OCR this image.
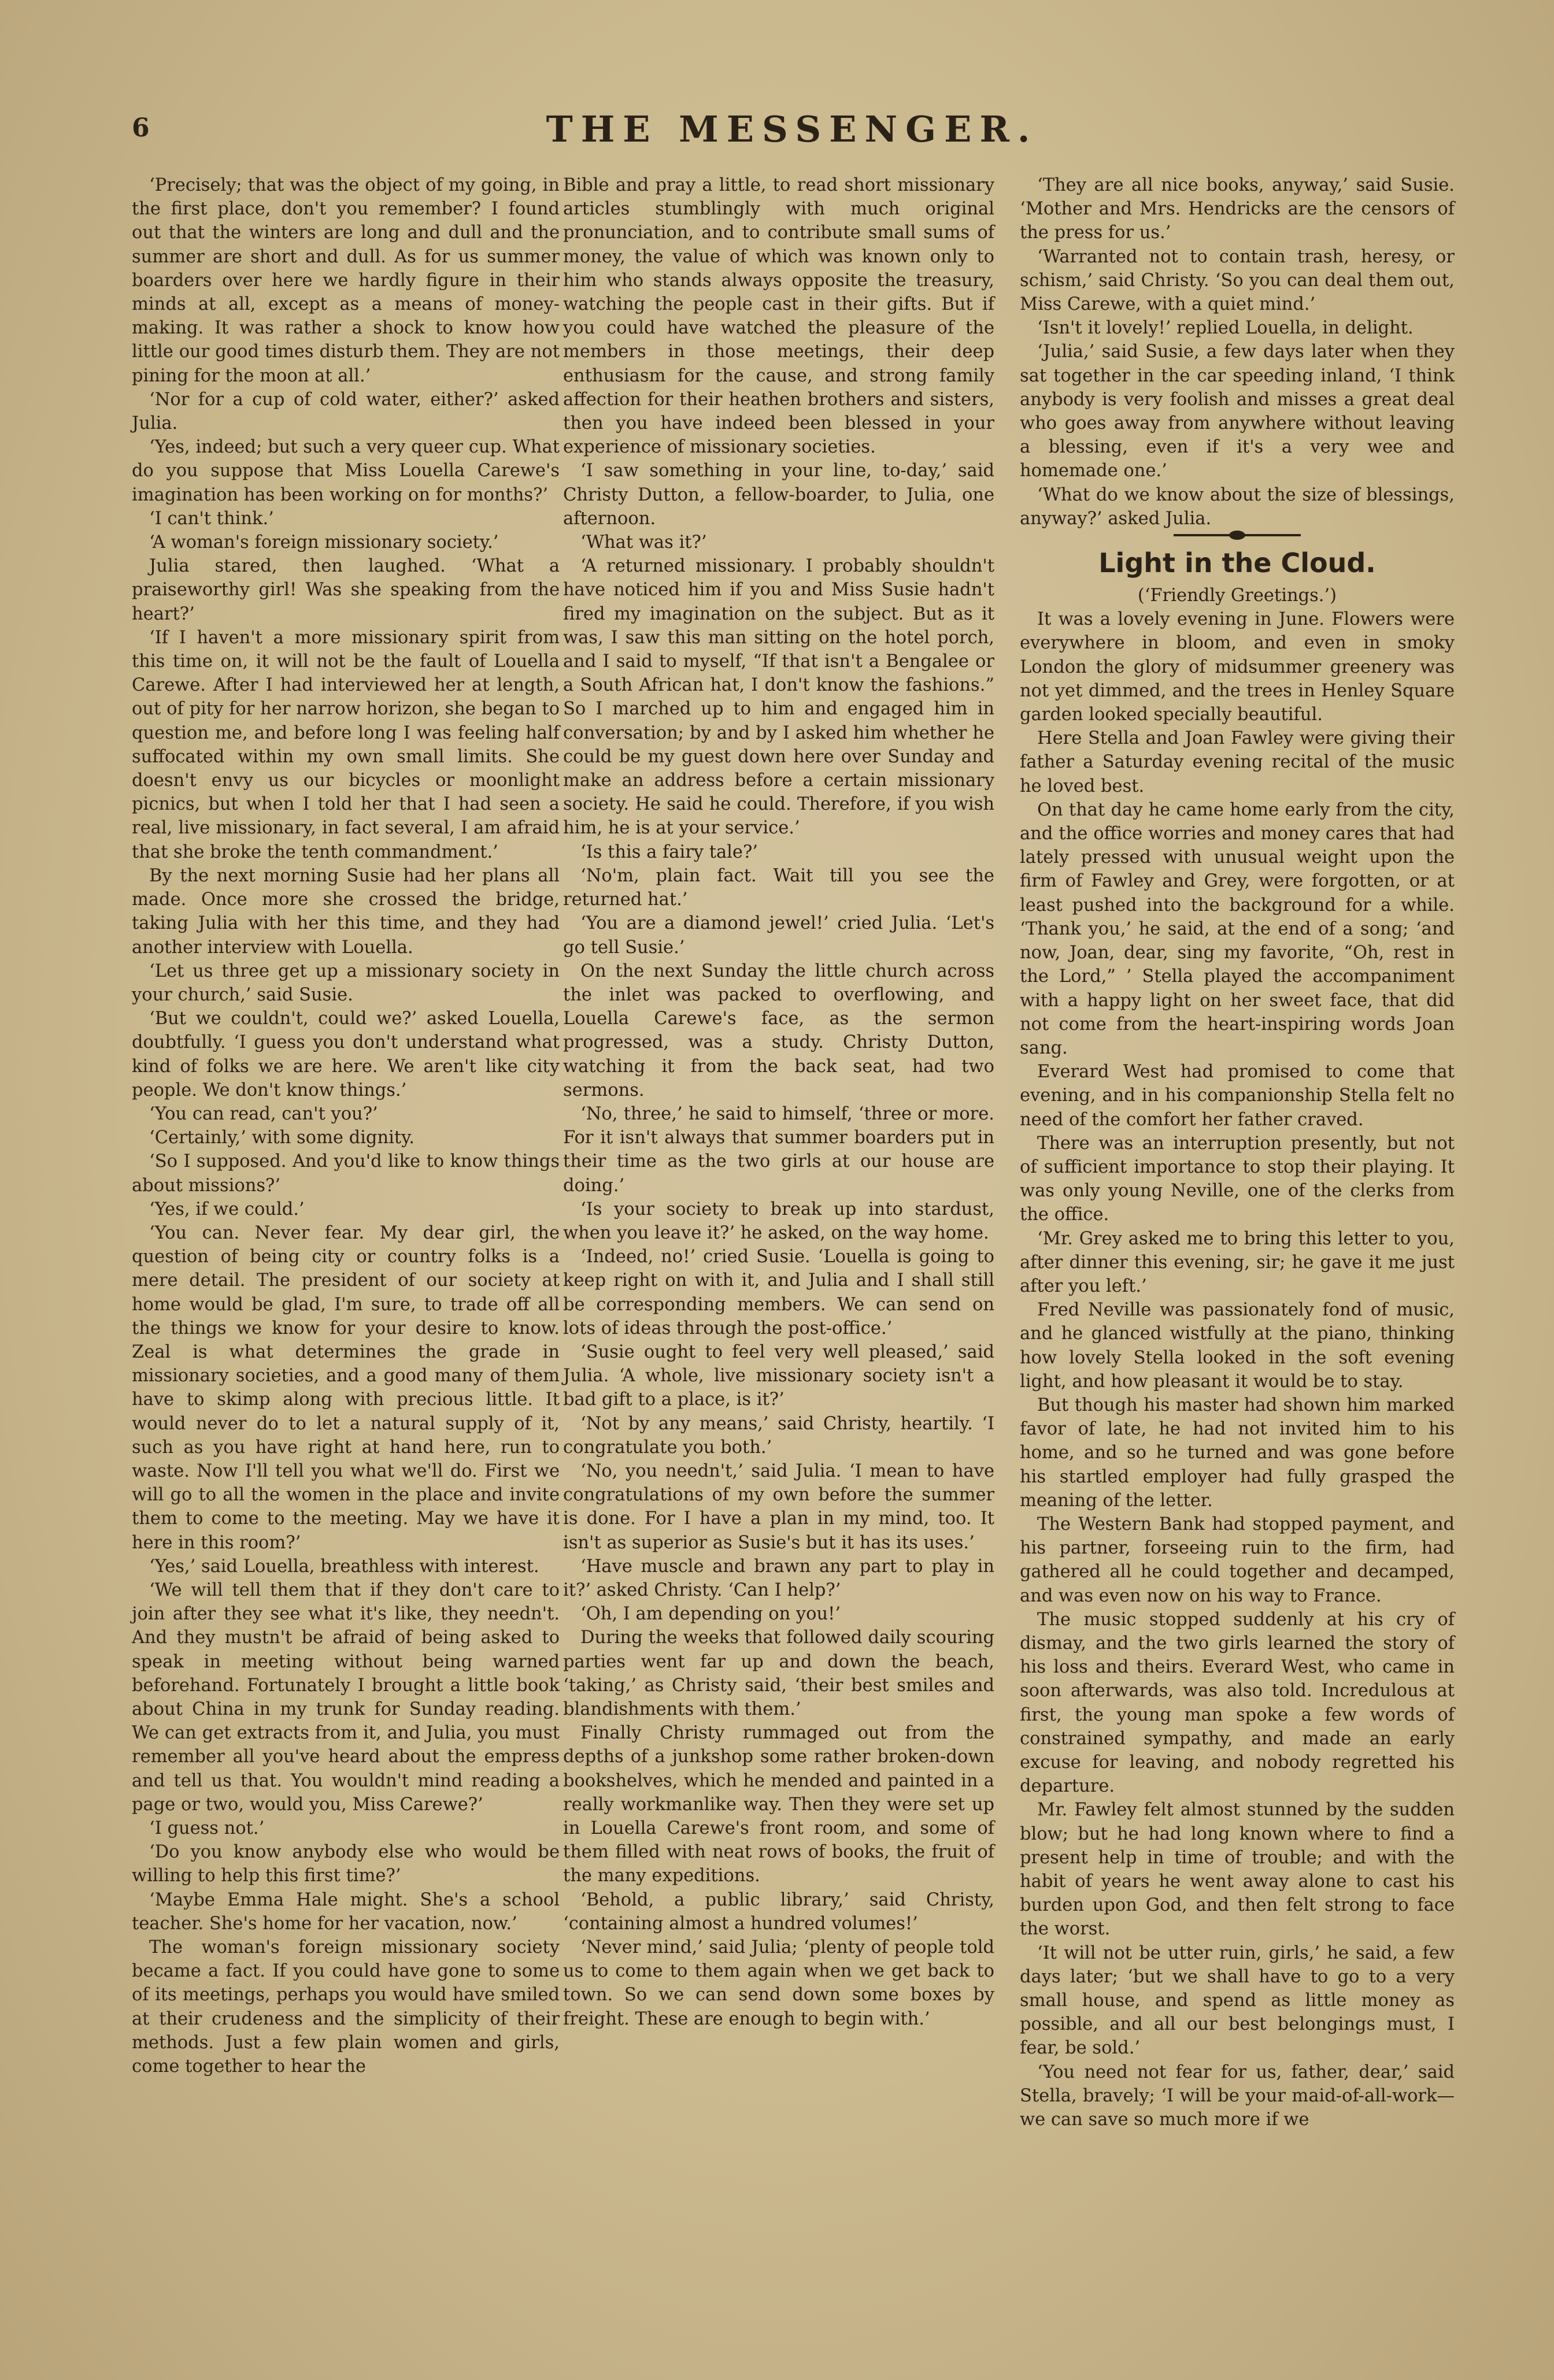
6	THE MESSENGER.

‘Precisely; that was the object of my going, in the first place, don't you remember? I found out that the winters are long and dull and the summer are short and dull. As for us summer boarders over here we hardly figure in their minds at all, except as a means of money-making. It was rather a shock to know how little our good times disturb them. They are not pining for the moon at all.’

‘Nor for a cup of cold water, either?’ asked Julia.

‘Yes, indeed; but such a very queer cup. What do you suppose that Miss Louella Carewe's imagination has been working on for months?’

‘I can't think.’

‘A woman's foreign missionary society.’

Julia stared, then laughed. ‘What a praiseworthy girl! Was she speaking from the heart?’

‘If I haven't a more missionary spirit from this time on, it will not be the fault of Louella Carewe. After I had interviewed her at length, out of pity for her narrow horizon, she began to question me, and before long I was feeling half suffocated within my own small limits. She doesn't envy us our bicycles or moonlight picnics, but when I told her that I had seen a real, live missionary, in fact several, I am afraid that she broke the tenth commandment.’

By the next morning Susie had her plans all made. Once more she crossed the bridge, taking Julia with her this time, and they had another interview with Louella.

‘Let us three get up a missionary society in your church,’ said Susie.

‘But we couldn't, could we?’ asked Louella, doubtfully. ‘I guess you don't understand what kind of folks we are here. We aren't like city people. We don't know things.’

‘You can read, can't you?’

‘Certainly,’ with some dignity.

‘So I supposed. And you'd like to know things about missions?’

‘Yes, if we could.’

‘You can. Never fear. My dear girl, the question of being city or country folks is a mere detail. The president of our society at home would be glad, I'm sure, to trade off all the things we know for your desire to know. Zeal is what determines the grade in missionary societies, and a good many of them have to skimp along with precious little. It would never do to let a natural supply of it, such as you have right at hand here, run to waste. Now I'll tell you what we'll do. First we will go to all the women in the place and invite them to come to the meeting. May we have it here in this room?’

‘Yes,’ said Louella, breathless with interest.

‘We will tell them that if they don't care to join after they see what it's like, they needn't. And they mustn't be afraid of being asked to speak in meeting without being warned beforehand. Fortunately I brought a little book about China in my trunk for Sunday reading. We can get extracts from it, and Julia, you must remember all you've heard about the empress and tell us that. You wouldn't mind reading a page or two, would you, Miss Carewe?’

‘I guess not.’

‘Do you know anybody else who would be willing to help this first time?’

‘Maybe Emma Hale might. She's a school teacher. She's home for her vacation, now.’

The woman's foreign missionary society became a fact. If you could have gone to some of its meetings, perhaps you would have smiled at their crudeness and the simplicity of their methods. Just a few plain women and girls, come together to hear the

Bible and pray a little, to read short missionary articles stumblingly with much original pronunciation, and to contribute small sums of money, the value of which was known only to him who stands always opposite the treasury, watching the people cast in their gifts. But if you could have watched the pleasure of the members in those meetings, their deep enthusiasm for the cause, and strong family affection for their heathen brothers and sisters, then you have indeed been blessed in your experience of missionary societies.

‘I saw something in your line, to-day,’ said Christy Dutton, a fellow-boarder, to Julia, one afternoon.

‘What was it?’

‘A returned missionary. I probably shouldn't have noticed him if you and Miss Susie hadn't fired my imagination on the subject. But as it was, I saw this man sitting on the hotel porch, and I said to myself, “If that isn't a Bengalee or a South African hat, I don't know the fashions.” So I marched up to him and engaged him in conversation; by and by I asked him whether he could be my guest down here over Sunday and make an address before a certain missionary society. He said he could. Therefore, if you wish him, he is at your service.’

‘Is this a fairy tale?’

‘No'm, plain fact. Wait till you see the returned hat.’

‘You are a diamond jewel!’ cried Julia. ‘Let's go tell Susie.’

On the next Sunday the little church across the inlet was packed to overflowing, and Louella Carewe's face, as the sermon progressed, was a study. Christy Dutton, watching it from the back seat, had two sermons.

‘No, three,’ he said to himself, ‘three or more. For it isn't always that summer boarders put in their time as the two girls at our house are doing.’

‘Is your society to break up into stardust, when you leave it?’ he asked, on the way home.

‘Indeed, no!’ cried Susie. ‘Louella is going to keep right on with it, and Julia and I shall still be corresponding members. We can send on lots of ideas through the post-office.’

‘Susie ought to feel very well pleased,’ said Julia. ‘A whole, live missionary society isn't a bad gift to a place, is it?’

‘Not by any means,’ said Christy, heartily. ‘I congratulate you both.’

‘No, you needn't,’ said Julia. ‘I mean to have congratulations of my own before the summer is done. For I have a plan in my mind, too. It isn't as superior as Susie's but it has its uses.’

‘Have muscle and brawn any part to play in it?’ asked Christy. ‘Can I help?’

‘Oh, I am depending on you!’

During the weeks that followed daily scouring parties went far up and down the beach, ‘taking,’ as Christy said, ‘their best smiles and blandishments with them.’

Finally Christy rummaged out from the depths of a junkshop some rather broken-down bookshelves, which he mended and painted in a really workmanlike way. Then they were set up in Louella Carewe's front room, and some of them filled with neat rows of books, the fruit of the many expeditions.

‘Behold, a public library,’ said Christy, ‘containing almost a hundred volumes!’

‘Never mind,’ said Julia; ‘plenty of people told us to come to them again when we get back to town. So we can send down some boxes by freight. These are enough to begin with.’

‘They are all nice books, anyway,’ said Susie. ‘Mother and Mrs. Hendricks are the censors of the press for us.’

‘Warranted not to contain trash, heresy, or schism,’ said Christy. ‘So you can deal them out, Miss Carewe, with a quiet mind.’

‘Isn't it lovely!’ replied Louella, in delight.

‘Julia,’ said Susie, a few days later when they sat together in the car speeding inland, ‘I think anybody is very foolish and misses a great deal who goes away from anywhere without leaving a blessing, even if it's a very wee and homemade one.’

‘What do we know about the size of blessings, anyway?’ asked Julia.

Light in the Cloud.

(‘Friendly Greetings.’)

It was a lovely evening in June. Flowers were everywhere in bloom, and even in smoky London the glory of midsummer greenery was not yet dimmed, and the trees in Henley Square garden looked specially beautiful.

Here Stella and Joan Fawley were giving their father a Saturday evening recital of the music he loved best.

On that day he came home early from the city, and the office worries and money cares that had lately pressed with unusual weight upon the firm of Fawley and Grey, were forgotten, or at least pushed into the background for a while. ‘Thank you,’ he said, at the end of a song; ‘and now, Joan, dear, sing my favorite, “Oh, rest in the Lord,” ’ Stella played the accompaniment with a happy light on her sweet face, that did not come from the heart-inspiring words Joan sang.

Everard West had promised to come that evening, and in his companionship Stella felt no need of the comfort her father craved.

There was an interruption presently, but not of sufficient importance to stop their playing. It was only young Neville, one of the clerks from the office.

‘Mr. Grey asked me to bring this letter to you, after dinner this evening, sir; he gave it me just after you left.’

Fred Neville was passionately fond of music, and he glanced wistfully at the piano, thinking how lovely Stella looked in the soft evening light, and how pleasant it would be to stay.

But though his master had shown him marked favor of late, he had not invited him to his home, and so he turned and was gone before his startled employer had fully grasped the meaning of the letter.

The Western Bank had stopped payment, and his partner, forseeing ruin to the firm, had gathered all he could together and decamped, and was even now on his way to France.

The music stopped suddenly at his cry of dismay, and the two girls learned the story of his loss and theirs. Everard West, who came in soon afterwards, was also told. Incredulous at first, the young man spoke a few words of constrained sympathy, and made an early excuse for leaving, and nobody regretted his departure.

Mr. Fawley felt almost stunned by the sudden blow; but he had long known where to find a present help in time of trouble; and with the habit of years he went away alone to cast his burden upon God, and then felt strong to face the worst.

‘It will not be utter ruin, girls,’ he said, a few days later; ‘but we shall have to go to a very small house, and spend as little money as possible, and all our best belongings must, I fear, be sold.’

‘You need not fear for us, father, dear,’ said Stella, bravely; ‘I will be your maid-of-all-work—we can save so much more if we
